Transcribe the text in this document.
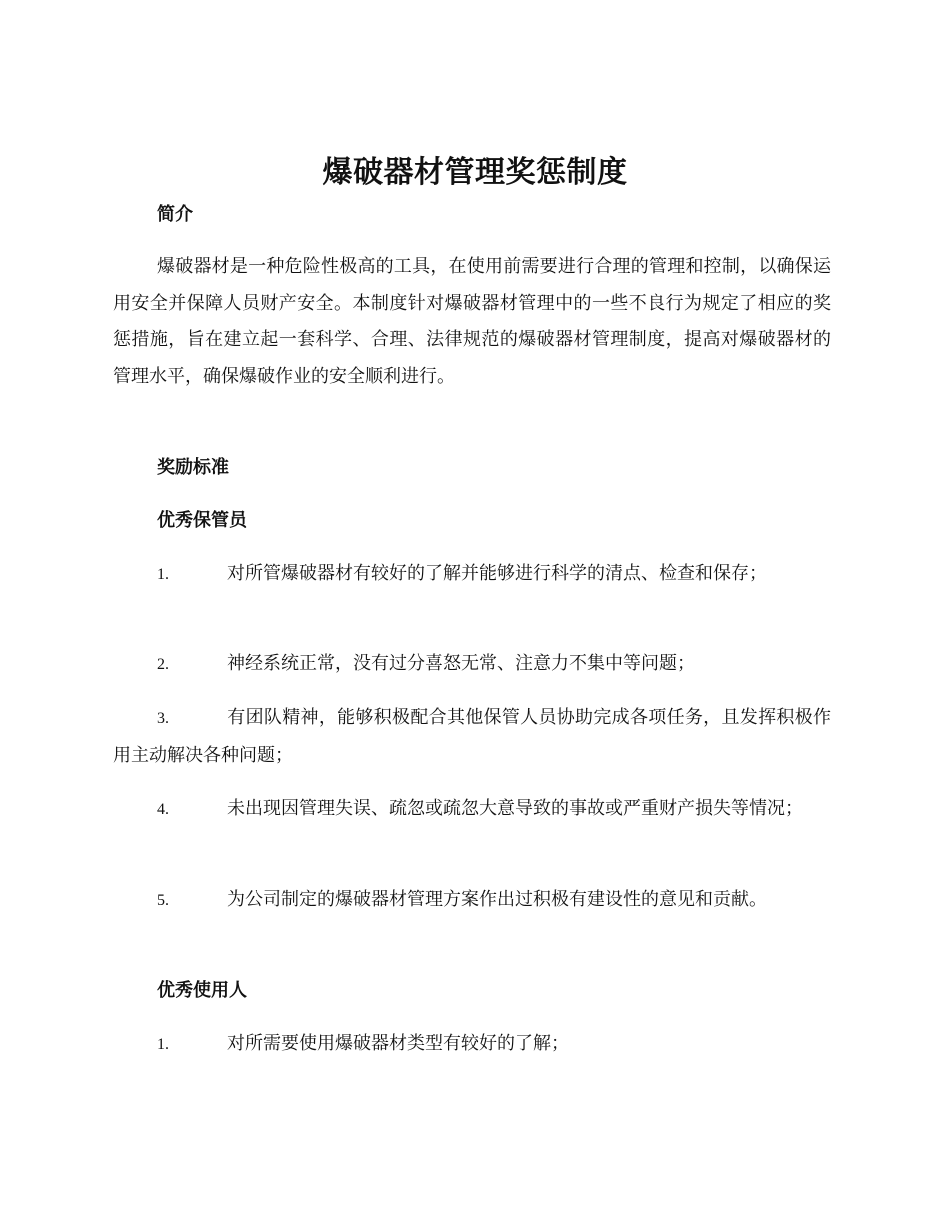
爆破器材管理奖惩制度
简介

爆破器材是一种危险性极高的工具，在使用前需要进行合理的管理和控制，以确保运用安全并保障人员财产安全。本制度针对爆破器材管理中的一些不良行为规定了相应的奖惩措施，旨在建立起一套科学、合理、法律规范的爆破器材管理制度，提高对爆破器材的管理水平，确保爆破作业的安全顺利进行。

奖励标准
优秀保管员

1.	对所管爆破器材有较好的了解并能够进行科学的清点、检查和保存；

2.	神经系统正常，没有过分喜怒无常、注意力不集中等问题；

3.	有团队精神，能够积极配合其他保管人员协助完成各项任务，且发挥积极作用主动解决各种问题；

4.	未出现因管理失误、疏忽或疏忽大意导致的事故或严重财产损失等情况；

5.	为公司制定的爆破器材管理方案作出过积极有建设性的意见和贡献。

优秀使用人

1.	对所需要使用爆破器材类型有较好的了解；
